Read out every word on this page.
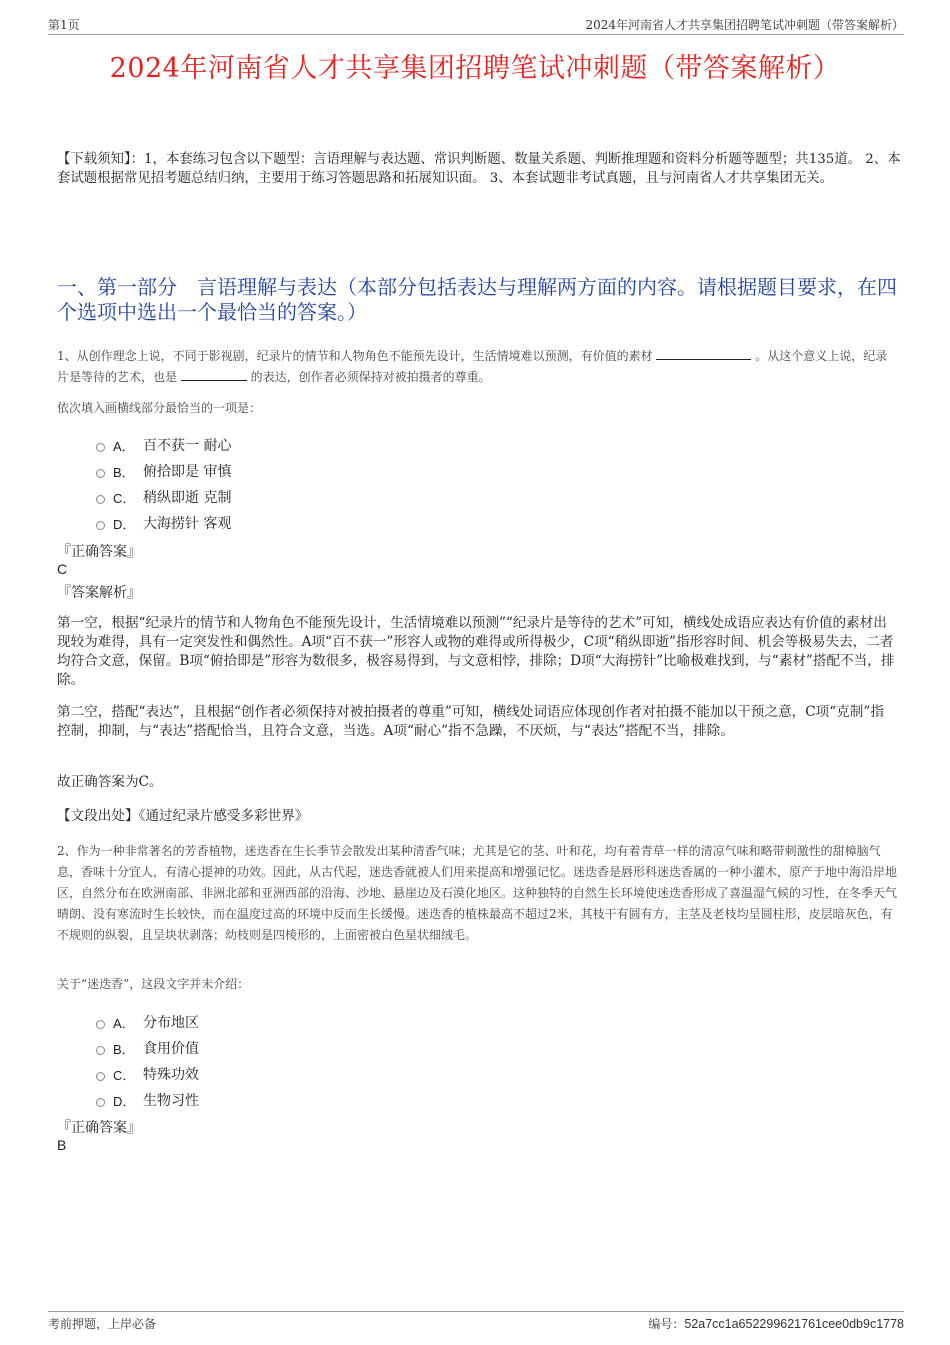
第1页	2024年河南省人才共享集团招聘笔试冲刺题（带答案解析）
2024年河南省人才共享集团招聘笔试冲刺题（带答案解析）
【下载须知】：1，本套练习包含以下题型：言语理解与表达题、常识判断题、数量关系题、判断推理题和资料分析题等题型；共135道。 2、本套试题根据常见招考题总结归纳，主要用于练习答题思路和拓展知识面。 3、本套试题非考试真题，且与河南省人才共享集团无关。
一、第一部分　言语理解与表达（本部分包括表达与理解两方面的内容。请根据题目要求，在四个选项中选出一个最恰当的答案。）
1、从创作理念上说，不同于影视剧，纪录片的情节和人物角色不能预先设计，生活情境难以预测，有价值的素材	。从这个意义上说，纪录片是等待的艺术，也是	的表达，创作者必须保持对被拍摄者的尊重。
依次填入画横线部分最恰当的一项是：
A． 百不获一 耐心
B． 俯拾即是 审慎
C． 稍纵即逝 克制
D． 大海捞针 客观
『正确答案』
C
『答案解析』
第一空，根据“纪录片的情节和人物角色不能预先设计，生活情境难以预测”“纪录片是等待的艺术”可知，横线处成语应表达有价值的素材出现较为难得，具有一定突发性和偶然性。A项“百不获一”形容人或物的难得或所得极少，C项“稍纵即逝”指形容时间、机会等极易失去，二者均符合文意，保留。B项“俯拾即是”形容为数很多，极容易得到，与文意相悖，排除；D项“大海捞针”比喻极难找到，与“素材”搭配不当，排除。
第二空，搭配“表达”，且根据“创作者必须保持对被拍摄者的尊重”可知，横线处词语应体现创作者对拍摄不能加以干预之意，C项“克制”指控制，抑制，与“表达”搭配恰当，且符合文意，当选。A项“耐心”指不急躁，不厌烦，与“表达”搭配不当，排除。
故正确答案为C。
【文段出处】《通过纪录片感受多彩世界》
2、作为一种非常著名的芳香植物，迷迭香在生长季节会散发出某种清香气味；尤其是它的茎、叶和花，均有着青草一样的清凉气味和略带刺激性的甜樟脑气息，香味十分宜人，有清心提神的功效。因此，从古代起，迷迭香就被人们用来提高和增强记忆。迷迭香是唇形科迷迭香属的一种小灌木，原产于地中海沿岸地区，自然分布在欧洲南部、非洲北部和亚洲西部的沿海、沙地、悬崖边及石漠化地区。这种独特的自然生长环境使迷迭香形成了喜温湿气候的习性，在冬季天气晴朗、没有寒流时生长较快，而在温度过高的环境中反而生长缓慢。迷迭香的植株最高不超过2米，其枝干有圆有方，主茎及老枝均呈圆柱形，皮层暗灰色，有不规则的纵裂，且呈块状剥落；幼枝则是四棱形的，上面密被白色星状细绒毛。
关于“迷迭香”，这段文字并未介绍：
A． 分布地区
B． 食用价值
C． 特殊功效
D． 生物习性
『正确答案』
B
考前押题，上岸必备	编号：52a7cc1a652299621761cee0db9c1778
